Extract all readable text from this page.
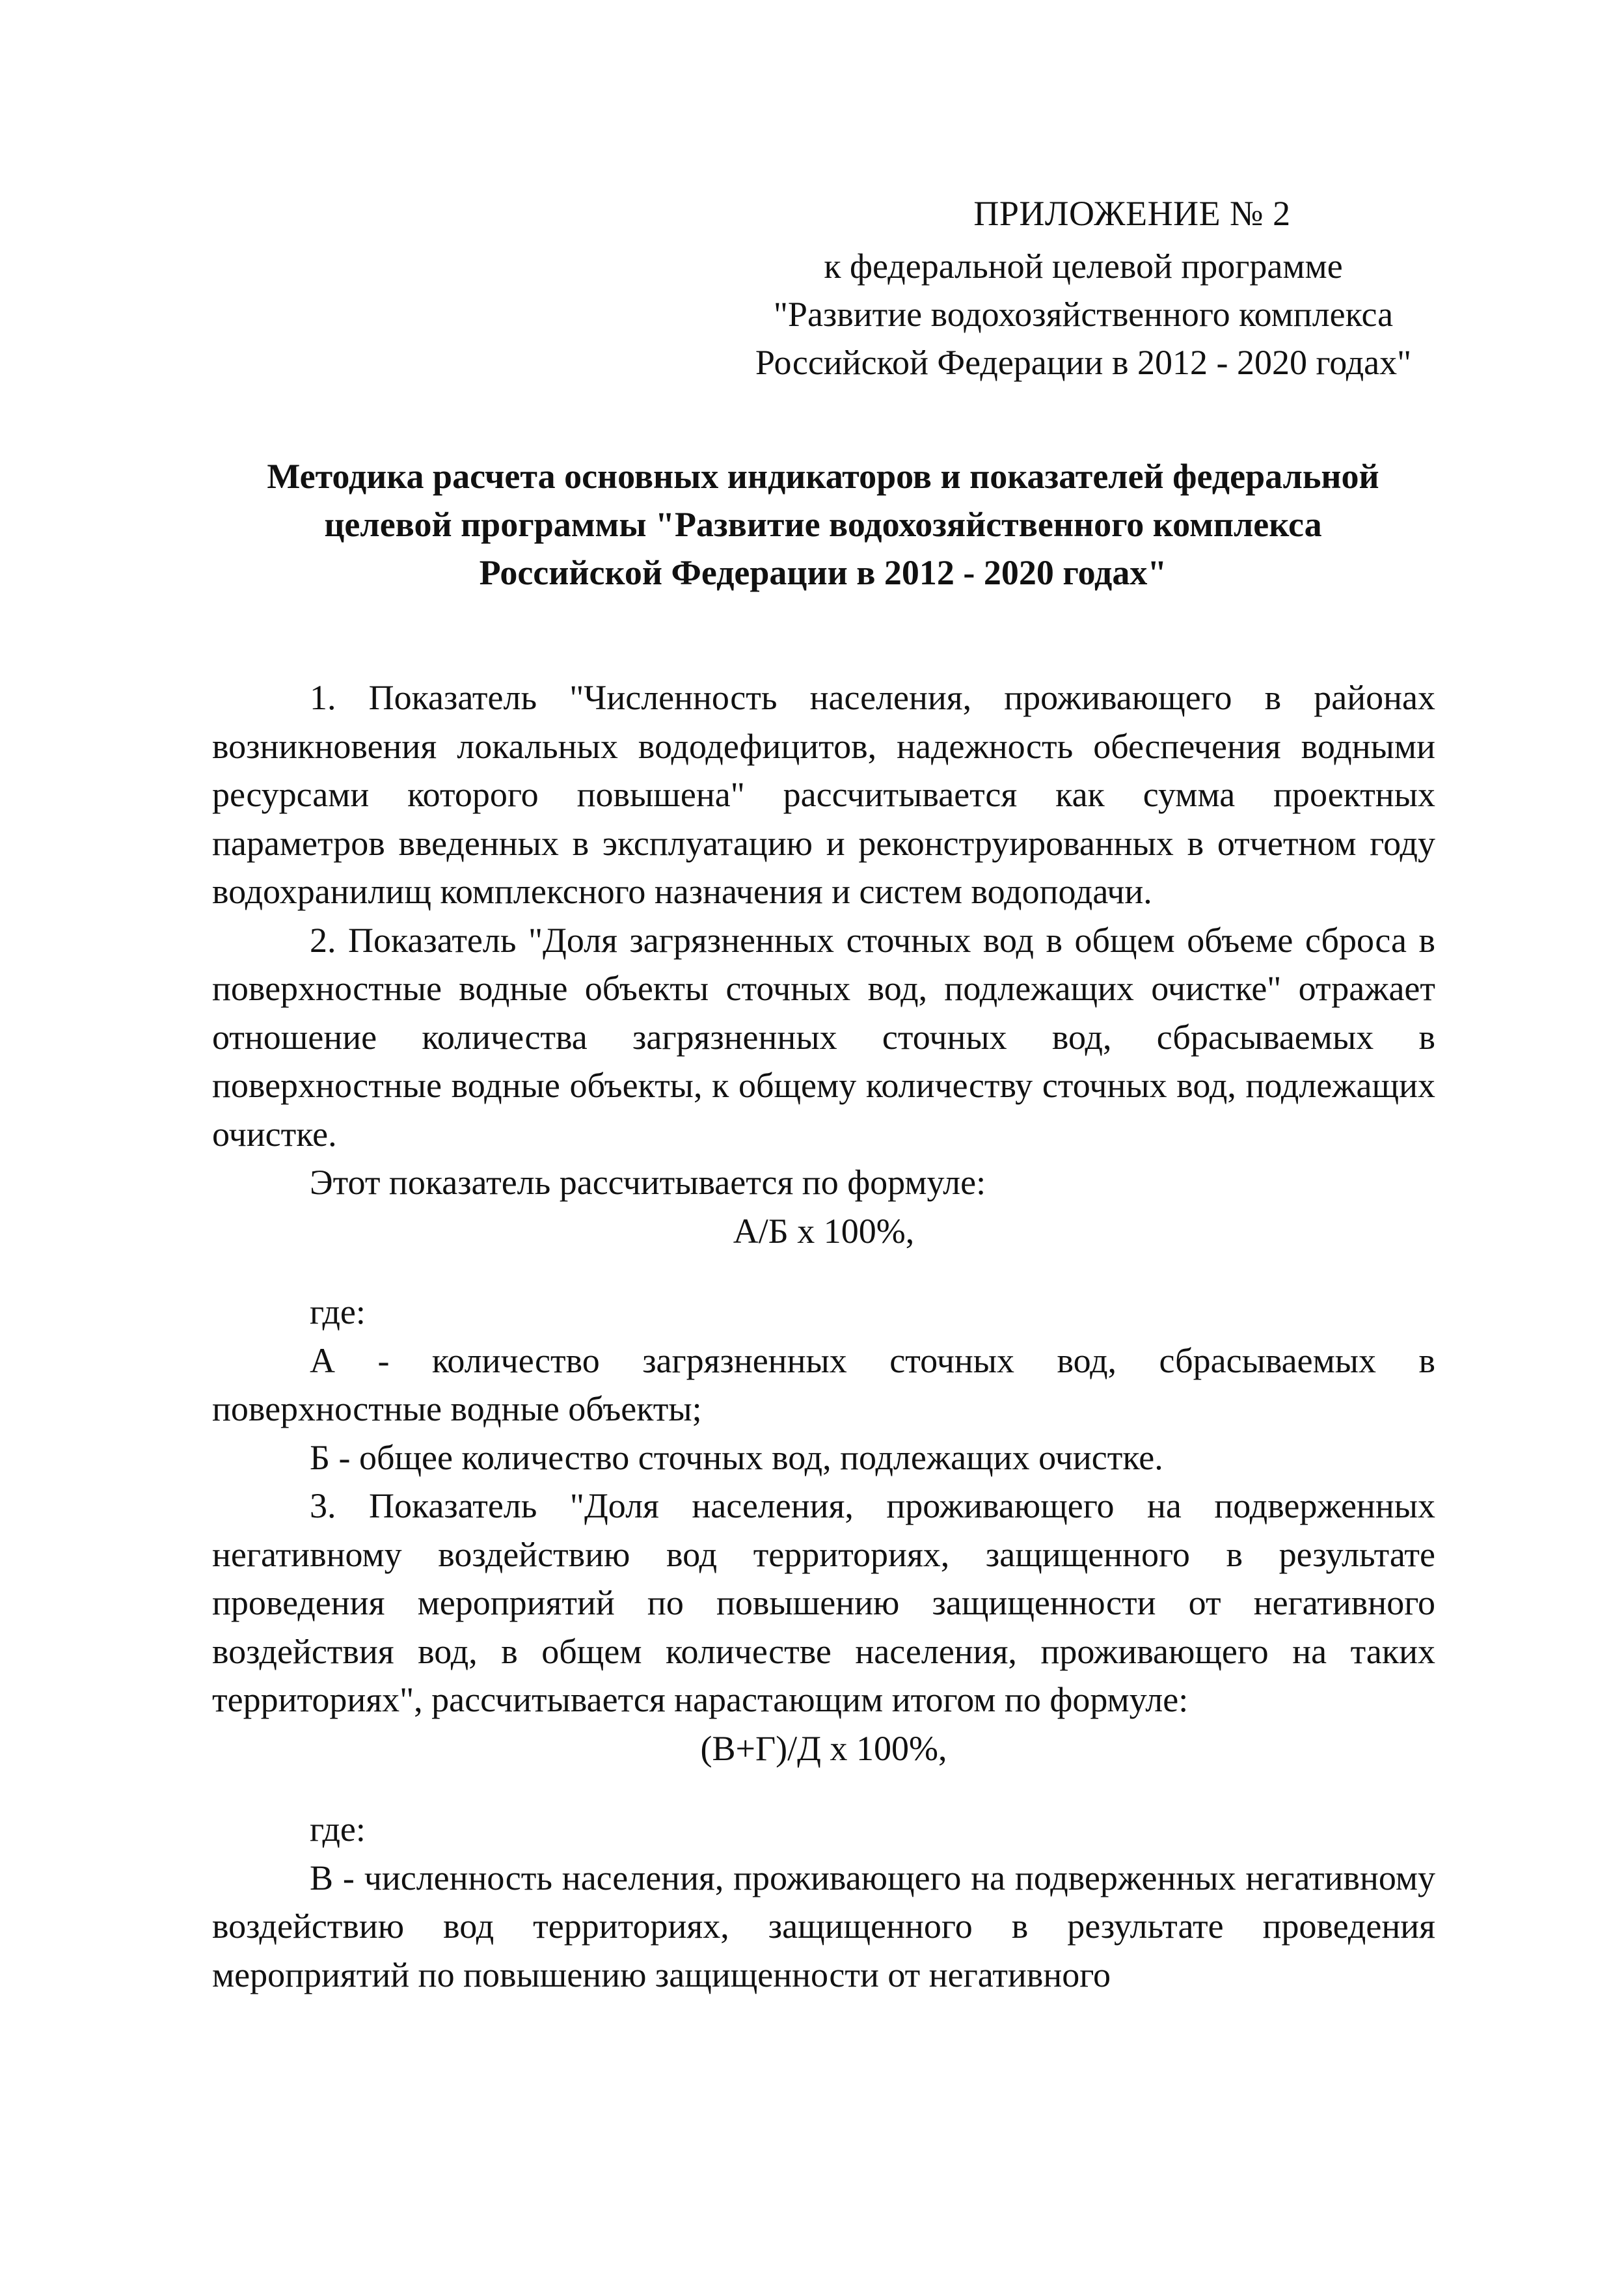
ПРИЛОЖЕНИЕ № 2

к федеральной целевой программе

"Развитие водохозяйственного комплекса

Российской Федерации в 2012 - 2020 годах"

Методика расчета основных индикаторов и показателей федеральной
целевой программы "Развитие водохозяйственного комплекса
Российской Федерации в 2012 - 2020 годах"

1. Показатель "Численность населения, проживающего в районах возникновения локальных вододефицитов, надежность обеспечения водными ресурсами которого повышена" рассчитывается как сумма проектных параметров введенных в эксплуатацию и реконструированных в отчетном году водохранилищ комплексного назначения и систем водоподачи.

2. Показатель "Доля загрязненных сточных вод в общем объеме сброса в поверхностные водные объекты сточных вод, подлежащих очистке" отражает отношение количества загрязненных сточных вод, сбрасываемых в поверхностные водные объекты, к общему количеству сточных вод, подлежащих очистке.

Этот показатель рассчитывается по формуле:

А/Б x 100%,

где:

А - количество загрязненных сточных вод, сбрасываемых в поверхностные водные объекты;

Б - общее количество сточных вод, подлежащих очистке.

3. Показатель "Доля населения, проживающего на подверженных негативному воздействию вод территориях, защищенного в результате проведения мероприятий по повышению защищенности от негативного воздействия вод, в общем количестве населения, проживающего на таких территориях", рассчитывается нарастающим итогом по формуле:

(В+Г)/Д x 100%,

где:

В - численность населения, проживающего на подверженных негативному воздействию вод территориях, защищенного в результате проведения мероприятий по повышению защищенности от негативного
